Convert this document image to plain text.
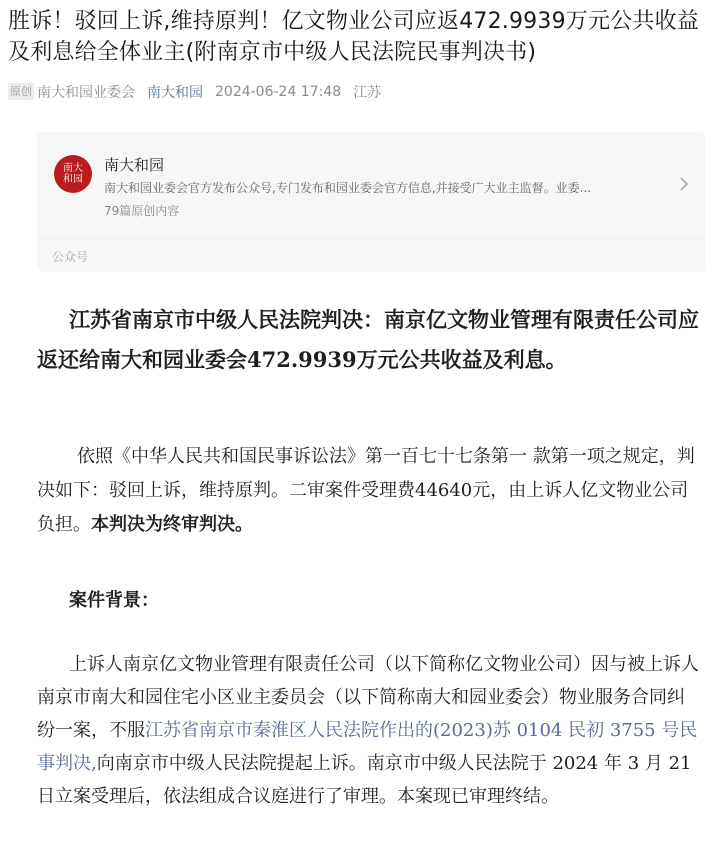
胜诉！驳回上诉,维持原判！亿文物业公司应返472.9939万元公共收益及利息给全体业主(附南京市中级人民法院民事判决书)
原创 南大和园业委会 南大和园 2024-06-24 17:48 江苏
南大和园
南大和园
南大和园业委会官方发布公众号,专门发布和园业委会官方信息,并接受广大业主监督。业委...
79篇原创内容
公众号

江苏省南京市中级人民法院判决：南京亿文物业管理有限责任公司应返还给南大和园业委会472.9939万元公共收益及利息。

依照《中华人民共和国民事诉讼法》第一百七十七条第一 款第一项之规定，判决如下：驳回上诉，维持原判。二审案件受理费44640元，由上诉人亿文物业公司负担。本判决为终审判决。

案件背景：

上诉人南京亿文物业管理有限责任公司（以下简称亿文物业公司）因与被上诉人南京市南大和园住宅小区业主委员会（以下简称南大和园业委会）物业服务合同纠纷一案，不服江苏省南京市秦淮区人民法院作出的(2023)苏 0104 民初 3755 号民事判决,向南京市中级人民法院提起上诉。南京市中级人民法院于 2024 年 3 月 21 日立案受理后，依法组成合议庭进行了审理。本案现已审理终结。
